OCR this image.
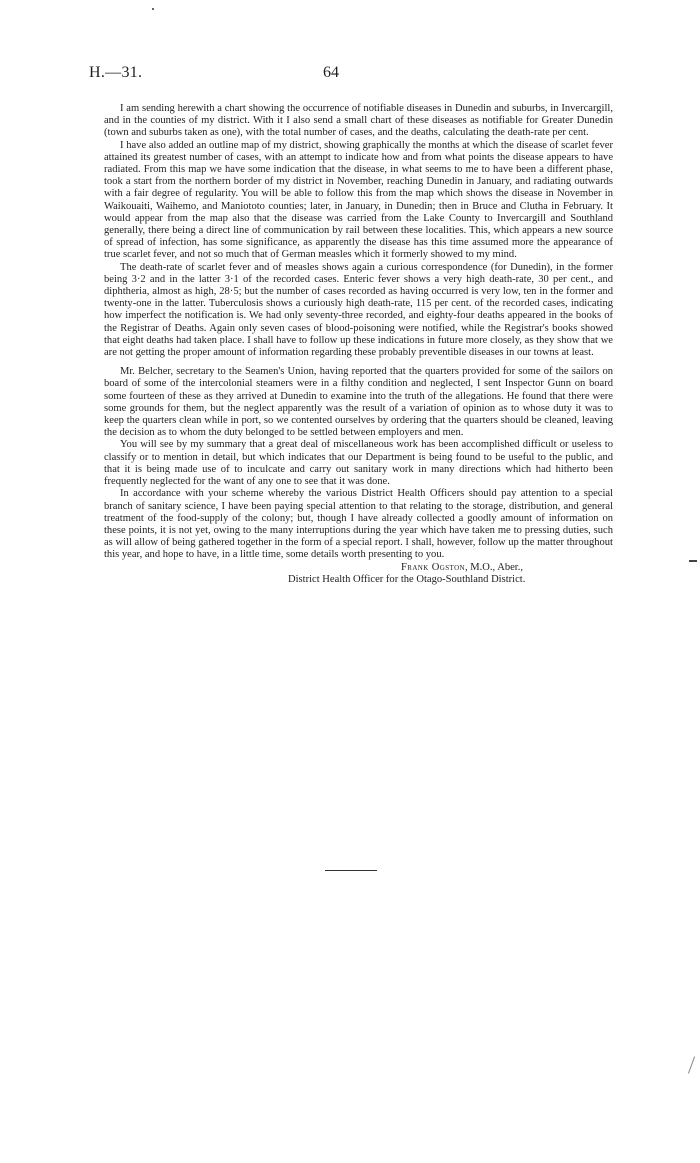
H.—31.	64

I am sending herewith a chart showing the occurrence of notifiable diseases in Dunedin and suburbs, in Invercargill, and in the counties of my district. With it I also send a small chart of these diseases as notifiable for Greater Dunedin (town and suburbs taken as one), with the total number of cases, and the deaths, calculating the death-rate per cent.

I have also added an outline map of my district, showing graphically the months at which the disease of scarlet fever attained its greatest number of cases, with an attempt to indicate how and from what points the disease appears to have radiated. From this map we have some indication that the disease, in what seems to me to have been a different phase, took a start from the northern border of my district in November, reaching Dunedin in January, and radiating outwards with a fair degree of regularity. You will be able to follow this from the map which shows the disease in November in Waikouaiti, Waihemo, and Maniototo counties; later, in January, in Dunedin; then in Bruce and Clutha in February. It would appear from the map also that the disease was carried from the Lake County to Invercargill and Southland generally, there being a direct line of communication by rail between these localities. This, which appears a new source of spread of infection, has some significance, as apparently the disease has this time assumed more the appearance of true scarlet fever, and not so much that of German measles which it formerly showed to my mind.

The death-rate of scarlet fever and of measles shows again a curious correspondence (for Dunedin), in the former being 3·2 and in the latter 3·1 of the recorded cases. Enteric fever shows a very high death-rate, 30 per cent., and diphtheria, almost as high, 28·5; but the number of cases recorded as having occurred is very low, ten in the former and twenty-one in the latter. Tuberculosis shows a curiously high death-rate, 115 per cent. of the recorded cases, indicating how imperfect the notification is. We had only seventy-three recorded, and eighty-four deaths appeared in the books of the Registrar of Deaths. Again only seven cases of blood-poisoning were notified, while the Registrar's books showed that eight deaths had taken place. I shall have to follow up these indications in future more closely, as they show that we are not getting the proper amount of information regarding these probably preventible diseases in our towns at least.

Mr. Belcher, secretary to the Seamen's Union, having reported that the quarters provided for some of the sailors on board of some of the intercolonial steamers were in a filthy condition and neglected, I sent Inspector Gunn on board some fourteen of these as they arrived at Dunedin to examine into the truth of the allegations. He found that there were some grounds for them, but the neglect apparently was the result of a variation of opinion as to whose duty it was to keep the quarters clean while in port, so we contented ourselves by ordering that the quarters should be cleaned, leaving the decision as to whom the duty belonged to be settled between employers and men.

You will see by my summary that a great deal of miscellaneous work has been accomplished difficult or useless to classify or to mention in detail, but which indicates that our Department is being found to be useful to the public, and that it is being made use of to inculcate and carry out sanitary work in many directions which had hitherto been frequently neglected for the want of any one to see that it was done.

In accordance with your scheme whereby the various District Health Officers should pay attention to a special branch of sanitary science, I have been paying special attention to that relating to the storage, distribution, and general treatment of the food-supply of the colony; but, though I have already collected a goodly amount of information on these points, it is not yet, owing to the many interruptions during the year which have taken me to pressing duties, such as will allow of being gathered together in the form of a special report. I shall, however, follow up the matter throughout this year, and hope to have, in a little time, some details worth presenting to you.

Frank Ogston, M.O., Aber.,

District Health Officer for the Otago-Southland District.
